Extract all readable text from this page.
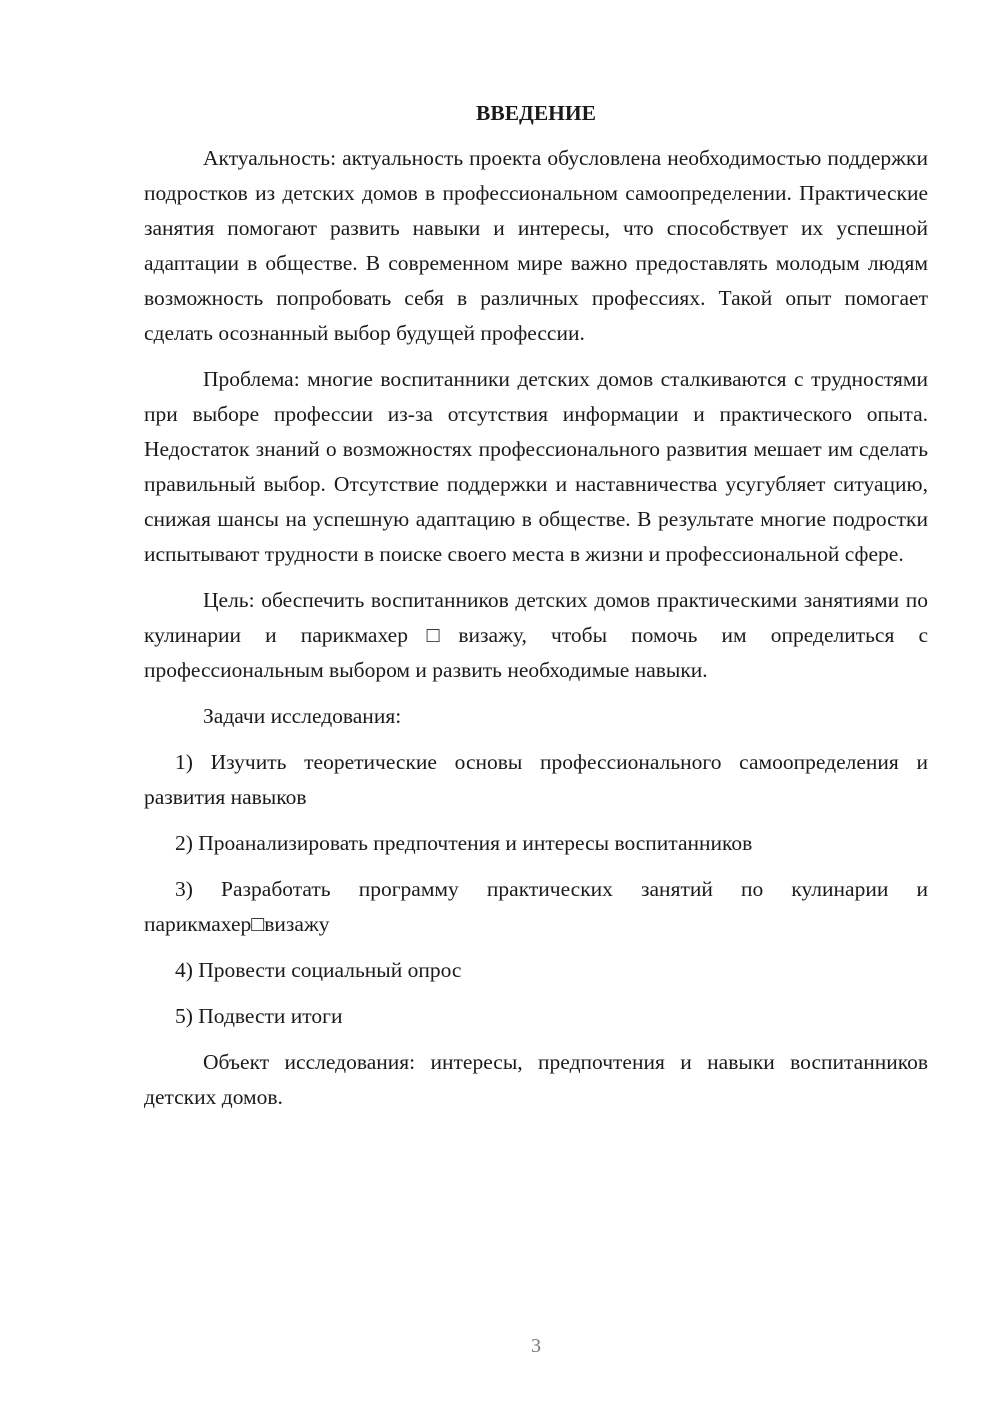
ВВЕДЕНИЕ

Актуальность: актуальность проекта обусловлена необходимостью поддержки подростков из детских домов в профессиональном самоопределении. Практические занятия помогают развить навыки и интересы, что способствует их успешной адаптации в обществе. В современном мире важно предоставлять молодым людям возможность попробовать себя в различных профессиях. Такой опыт помогает сделать осознанный выбор будущей профессии.

Проблема: многие воспитанники детских домов сталкиваются с трудностями при выборе профессии из-за отсутствия информации и практического опыта. Недостаток знаний о возможностях профессионального развития мешает им сделать правильный выбор. Отсутствие поддержки и наставничества усугубляет ситуацию, снижая шансы на успешную адаптацию в обществе. В результате многие подростки испытывают трудности в поиске своего места в жизни и профессиональной сфере.

Цель: обеспечить воспитанников детских домов практическими занятиями по кулинарии и парикмахер□визажу, чтобы помочь им определиться с профессиональным выбором и развить необходимые навыки.

Задачи исследования:

1) Изучить теоретические основы профессионального самоопределения и развития навыков

2) Проанализировать предпочтения и интересы воспитанников

3) Разработать программу практических занятий по кулинарии и парикмахер□визажу

4) Провести социальный опрос

5) Подвести итоги

Объект исследования: интересы, предпочтения и навыки воспитанников детских домов.

3
